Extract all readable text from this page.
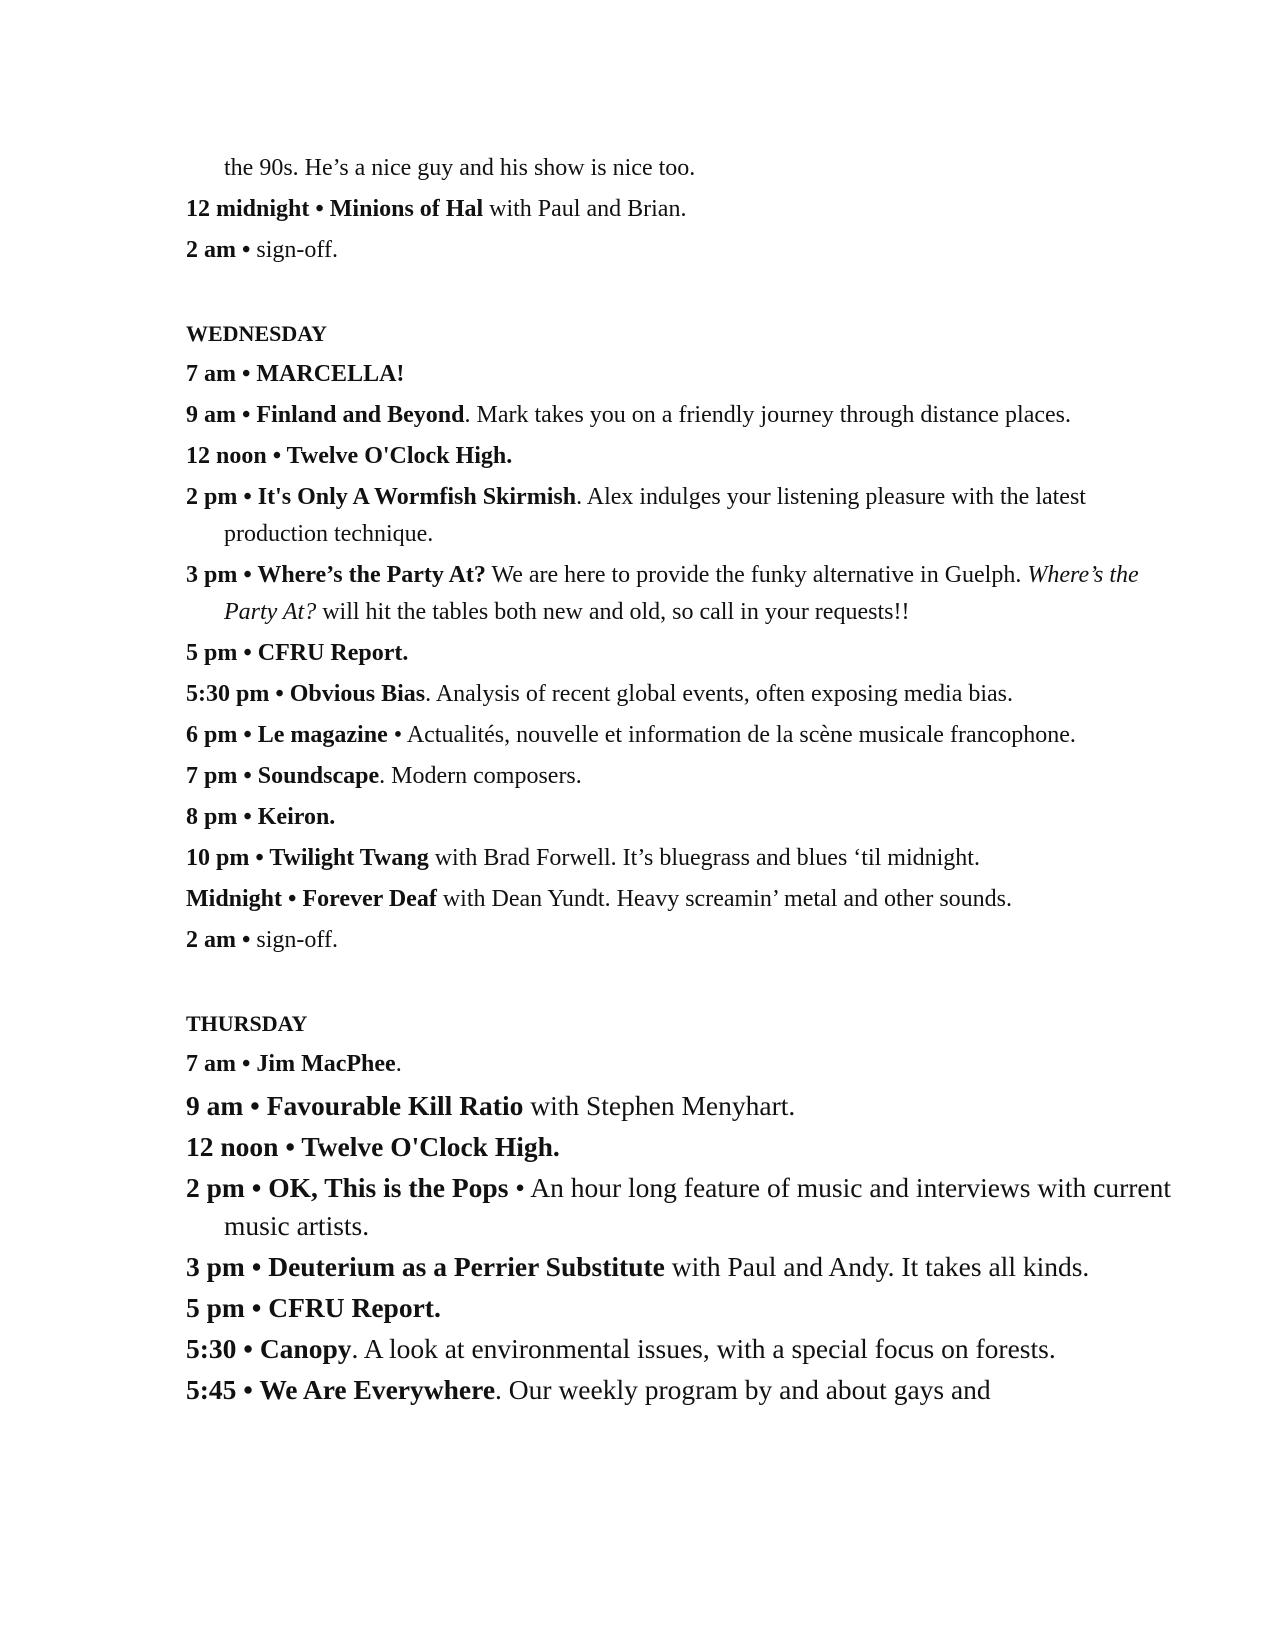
the 90s. He’s a nice guy and his show is nice too.

12 midnight • Minions of Hal with Paul and Brian.

2 am • sign-off.

WEDNESDAY

7 am • MARCELLA!

9 am • Finland and Beyond. Mark takes you on a friendly journey through distance places.

12 noon • Twelve O'Clock High.

2 pm • It's Only A Wormfish Skirmish. Alex indulges your listening pleasure with the latest production technique.

3 pm • Where’s the Party At? We are here to provide the funky alternative in Guelph. Where’s the Party At? will hit the tables both new and old, so call in your requests!!

5 pm • CFRU Report.

5:30 pm • Obvious Bias. Analysis of recent global events, often exposing media bias.

6 pm • Le magazine • Actualités, nouvelle et information de la scène musicale francophone.

7 pm • Soundscape. Modern composers.

8 pm • Keiron.

10 pm • Twilight Twang with Brad Forwell. It’s bluegrass and blues ‘til midnight.

Midnight • Forever Deaf with Dean Yundt. Heavy screamin’ metal and other sounds.

2 am • sign-off.

THURSDAY

7 am • Jim MacPhee.

9 am • Favourable Kill Ratio with Stephen Menyhart.

12 noon • Twelve O'Clock High.

2 pm • OK, This is the Pops • An hour long feature of music and interviews with current music artists.

3 pm • Deuterium as a Perrier Substitute with Paul and Andy. It takes all kinds.

5 pm • CFRU Report.

5:30 • Canopy. A look at environmental issues, with a special focus on forests.

5:45 • We Are Everywhere. Our weekly program by and about gays and
